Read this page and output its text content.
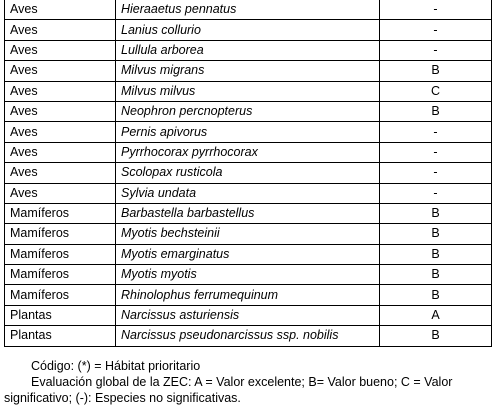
Aves	Hieraaetus pennatus	-
Aves	Lanius collurio	-
Aves	Lullula arborea	-
Aves	Milvus migrans	B
Aves	Milvus milvus	C
Aves	Neophron percnopterus	B
Aves	Pernis apivorus	-
Aves	Pyrrhocorax pyrrhocorax	-
Aves	Scolopax rusticola	-
Aves	Sylvia undata	-
Mamíferos	Barbastella barbastellus	B
Mamíferos	Myotis bechsteinii	B
Mamíferos	Myotis emarginatus	B
Mamíferos	Myotis myotis	B
Mamíferos	Rhinolophus ferrumequinum	B
Plantas	Narcissus asturiensis	A
Plantas	Narcissus pseudonarcissus ssp. nobilis	B

Código: (*) = Hábitat prioritario

Evaluación global de la ZEC: A = Valor excelente; B= Valor bueno; C = Valor

significativo; (-): Especies no significativas.
